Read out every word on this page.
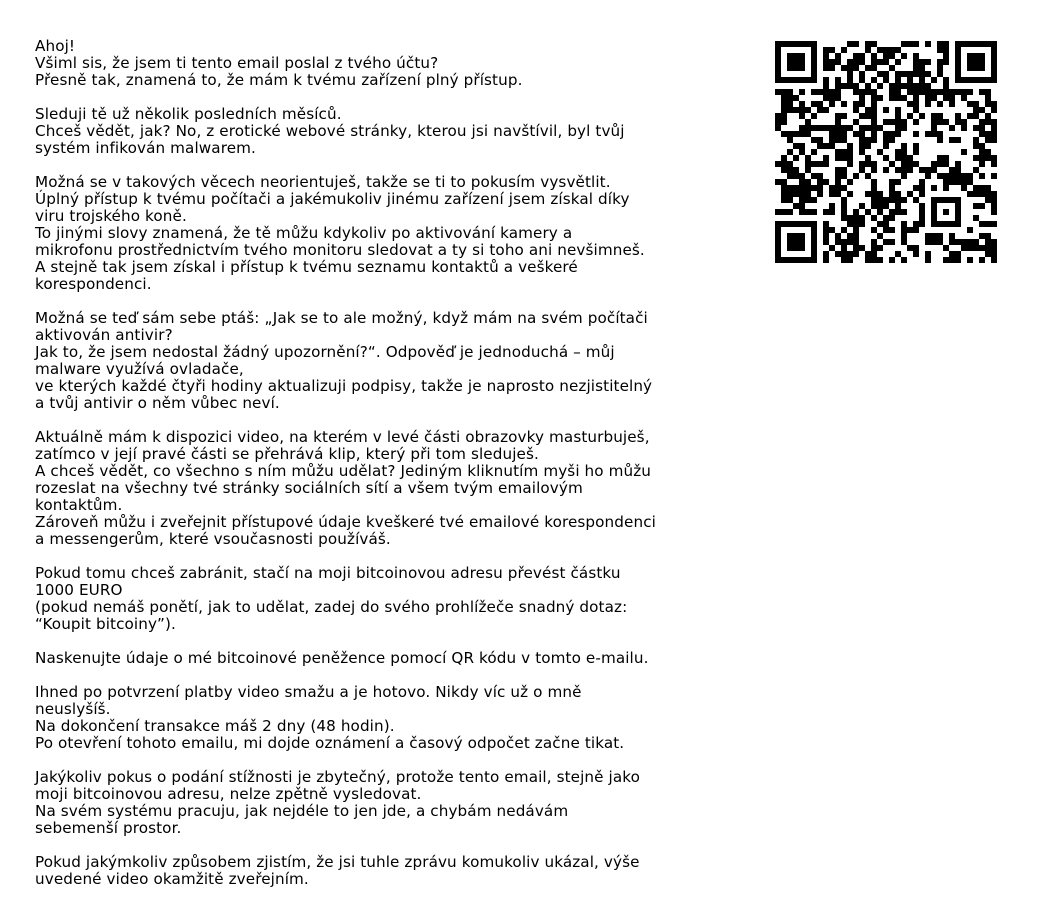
Ahoj!
Všiml sis, že jsem ti tento email poslal z tvého účtu?
Přesně tak, znamená to, že mám k tvému zařízení plný přístup.
Sleduji tě už několik posledních měsíců.
Chceš vědět, jak? No, z erotické webové stránky, kterou jsi navštívil, byl tvůj
systém infikován malwarem.
Možná se v takových věcech neorientuješ, takže se ti to pokusím vysvětlit.
Úplný přístup k tvému počítači a jakémukoliv jinému zařízení jsem získal díky
viru trojského koně.
To jinými slovy znamená, že tě můžu kdykoliv po aktivování kamery a
mikrofonu prostřednictvím tvého monitoru sledovat a ty si toho ani nevšimneš.
A stejně tak jsem získal i přístup k tvému seznamu kontaktů a veškeré
korespondenci.
Možná se teď sám sebe ptáš: „Jak se to ale možný, když mám na svém počítači
aktivován antivir?
Jak to, že jsem nedostal žádný upozornění?“. Odpověď je jednoduchá – můj
malware využívá ovladače,
ve kterých každé čtyři hodiny aktualizuji podpisy, takže je naprosto nezjistitelný
a tvůj antivir o něm vůbec neví.
Aktuálně mám k dispozici video, na kterém v levé části obrazovky masturbuješ,
zatímco v její pravé části se přehrává klip, který při tom sleduješ.
A chceš vědět, co všechno s ním můžu udělat? Jediným kliknutím myši ho můžu
rozeslat na všechny tvé stránky sociálních sítí a všem tvým emailovým
kontaktům.
Zároveň můžu i zveřejnit přístupové údaje kveškeré tvé emailové korespondenci
a messengerům, které vsoučasnosti používáš.
Pokud tomu chceš zabránit, stačí na moji bitcoinovou adresu převést částku
1000 EURO
(pokud nemáš ponětí, jak to udělat, zadej do svého prohlížeče snadný dotaz:
“Koupit bitcoiny”).
Naskenujte údaje o mé bitcoinové peněžence pomocí QR kódu v tomto e-mailu.
Ihned po potvrzení platby video smažu a je hotovo. Nikdy víc už o mně
neuslyšíš.
Na dokončení transakce máš 2 dny (48 hodin).
Po otevření tohoto emailu, mi dojde oznámení a časový odpočet začne tikat.
Jakýkoliv pokus o podání stížnosti je zbytečný, protože tento email, stejně jako
moji bitcoinovou adresu, nelze zpětně vysledovat.
Na svém systému pracuju, jak nejdéle to jen jde, a chybám nedávám
sebemenší prostor.
Pokud jakýmkoliv způsobem zjistím, že jsi tuhle zprávu komukoliv ukázal, výše
uvedené video okamžitě zveřejním.
